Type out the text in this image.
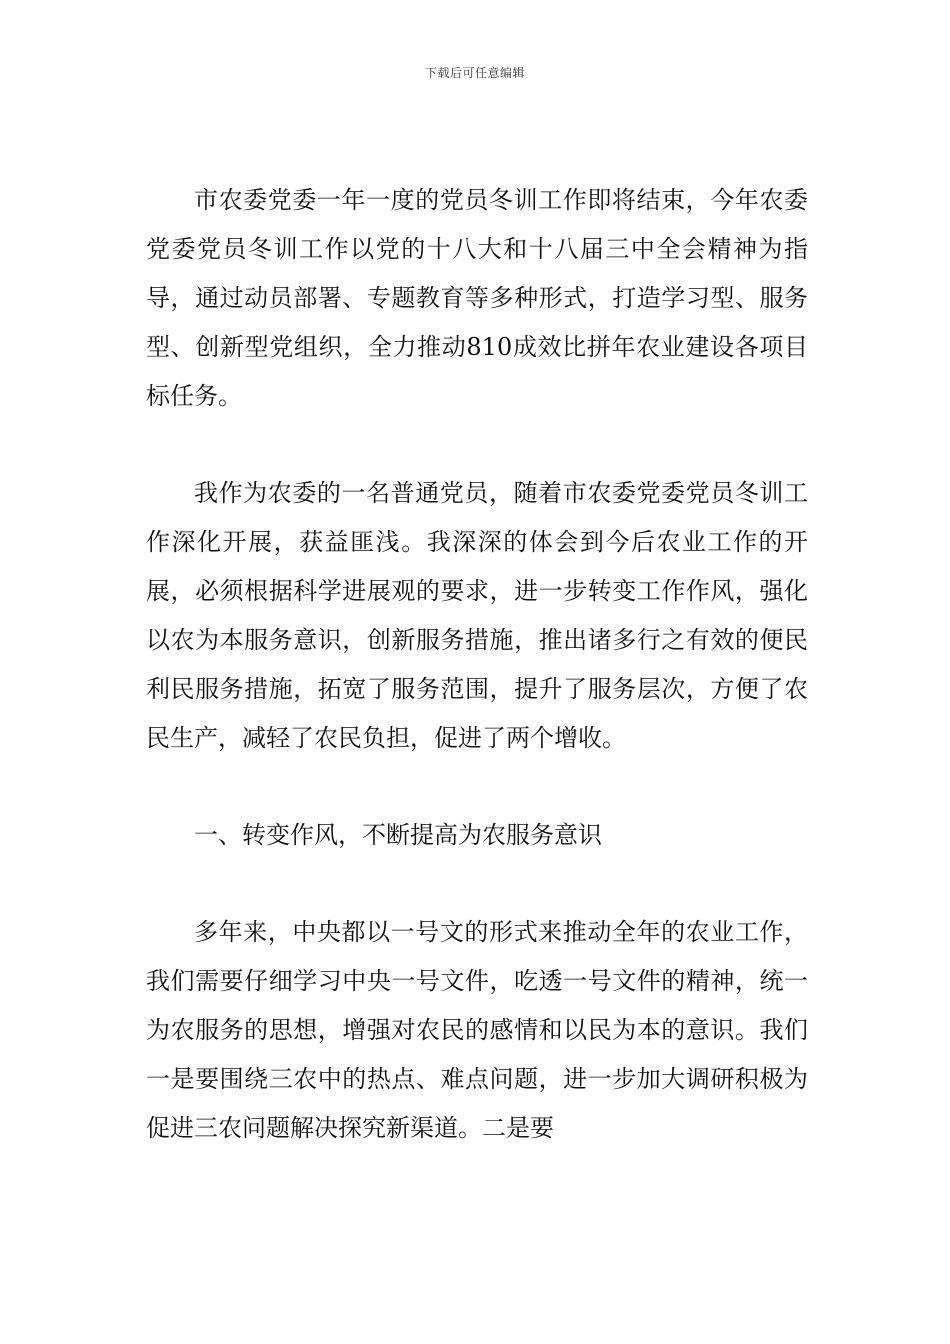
下载后可任意编辑

市农委党委一年一度的党员冬训工作即将结束，今年农委党委党员冬训工作以党的十八大和十八届三中全会精神为指导，通过动员部署、专题教育等多种形式，打造学习型、服务型、创新型党组织，全力推动810成效比拼年农业建设各项目标任务。

我作为农委的一名普通党员，随着市农委党委党员冬训工作深化开展，获益匪浅。我深深的体会到今后农业工作的开展，必须根据科学进展观的要求，进一步转变工作作风，强化以农为本服务意识，创新服务措施，推出诸多行之有效的便民利民服务措施，拓宽了服务范围，提升了服务层次，方便了农民生产，减轻了农民负担，促进了两个增收。

一、转变作风，不断提高为农服务意识

多年来，中央都以一号文的形式来推动全年的农业工作，我们需要仔细学习中央一号文件，吃透一号文件的精神，统一为农服务的思想，增强对农民的感情和以民为本的意识。我们一是要围绕三农中的热点、难点问题，进一步加大调研积极为促进三农问题解决探究新渠道。二是要
